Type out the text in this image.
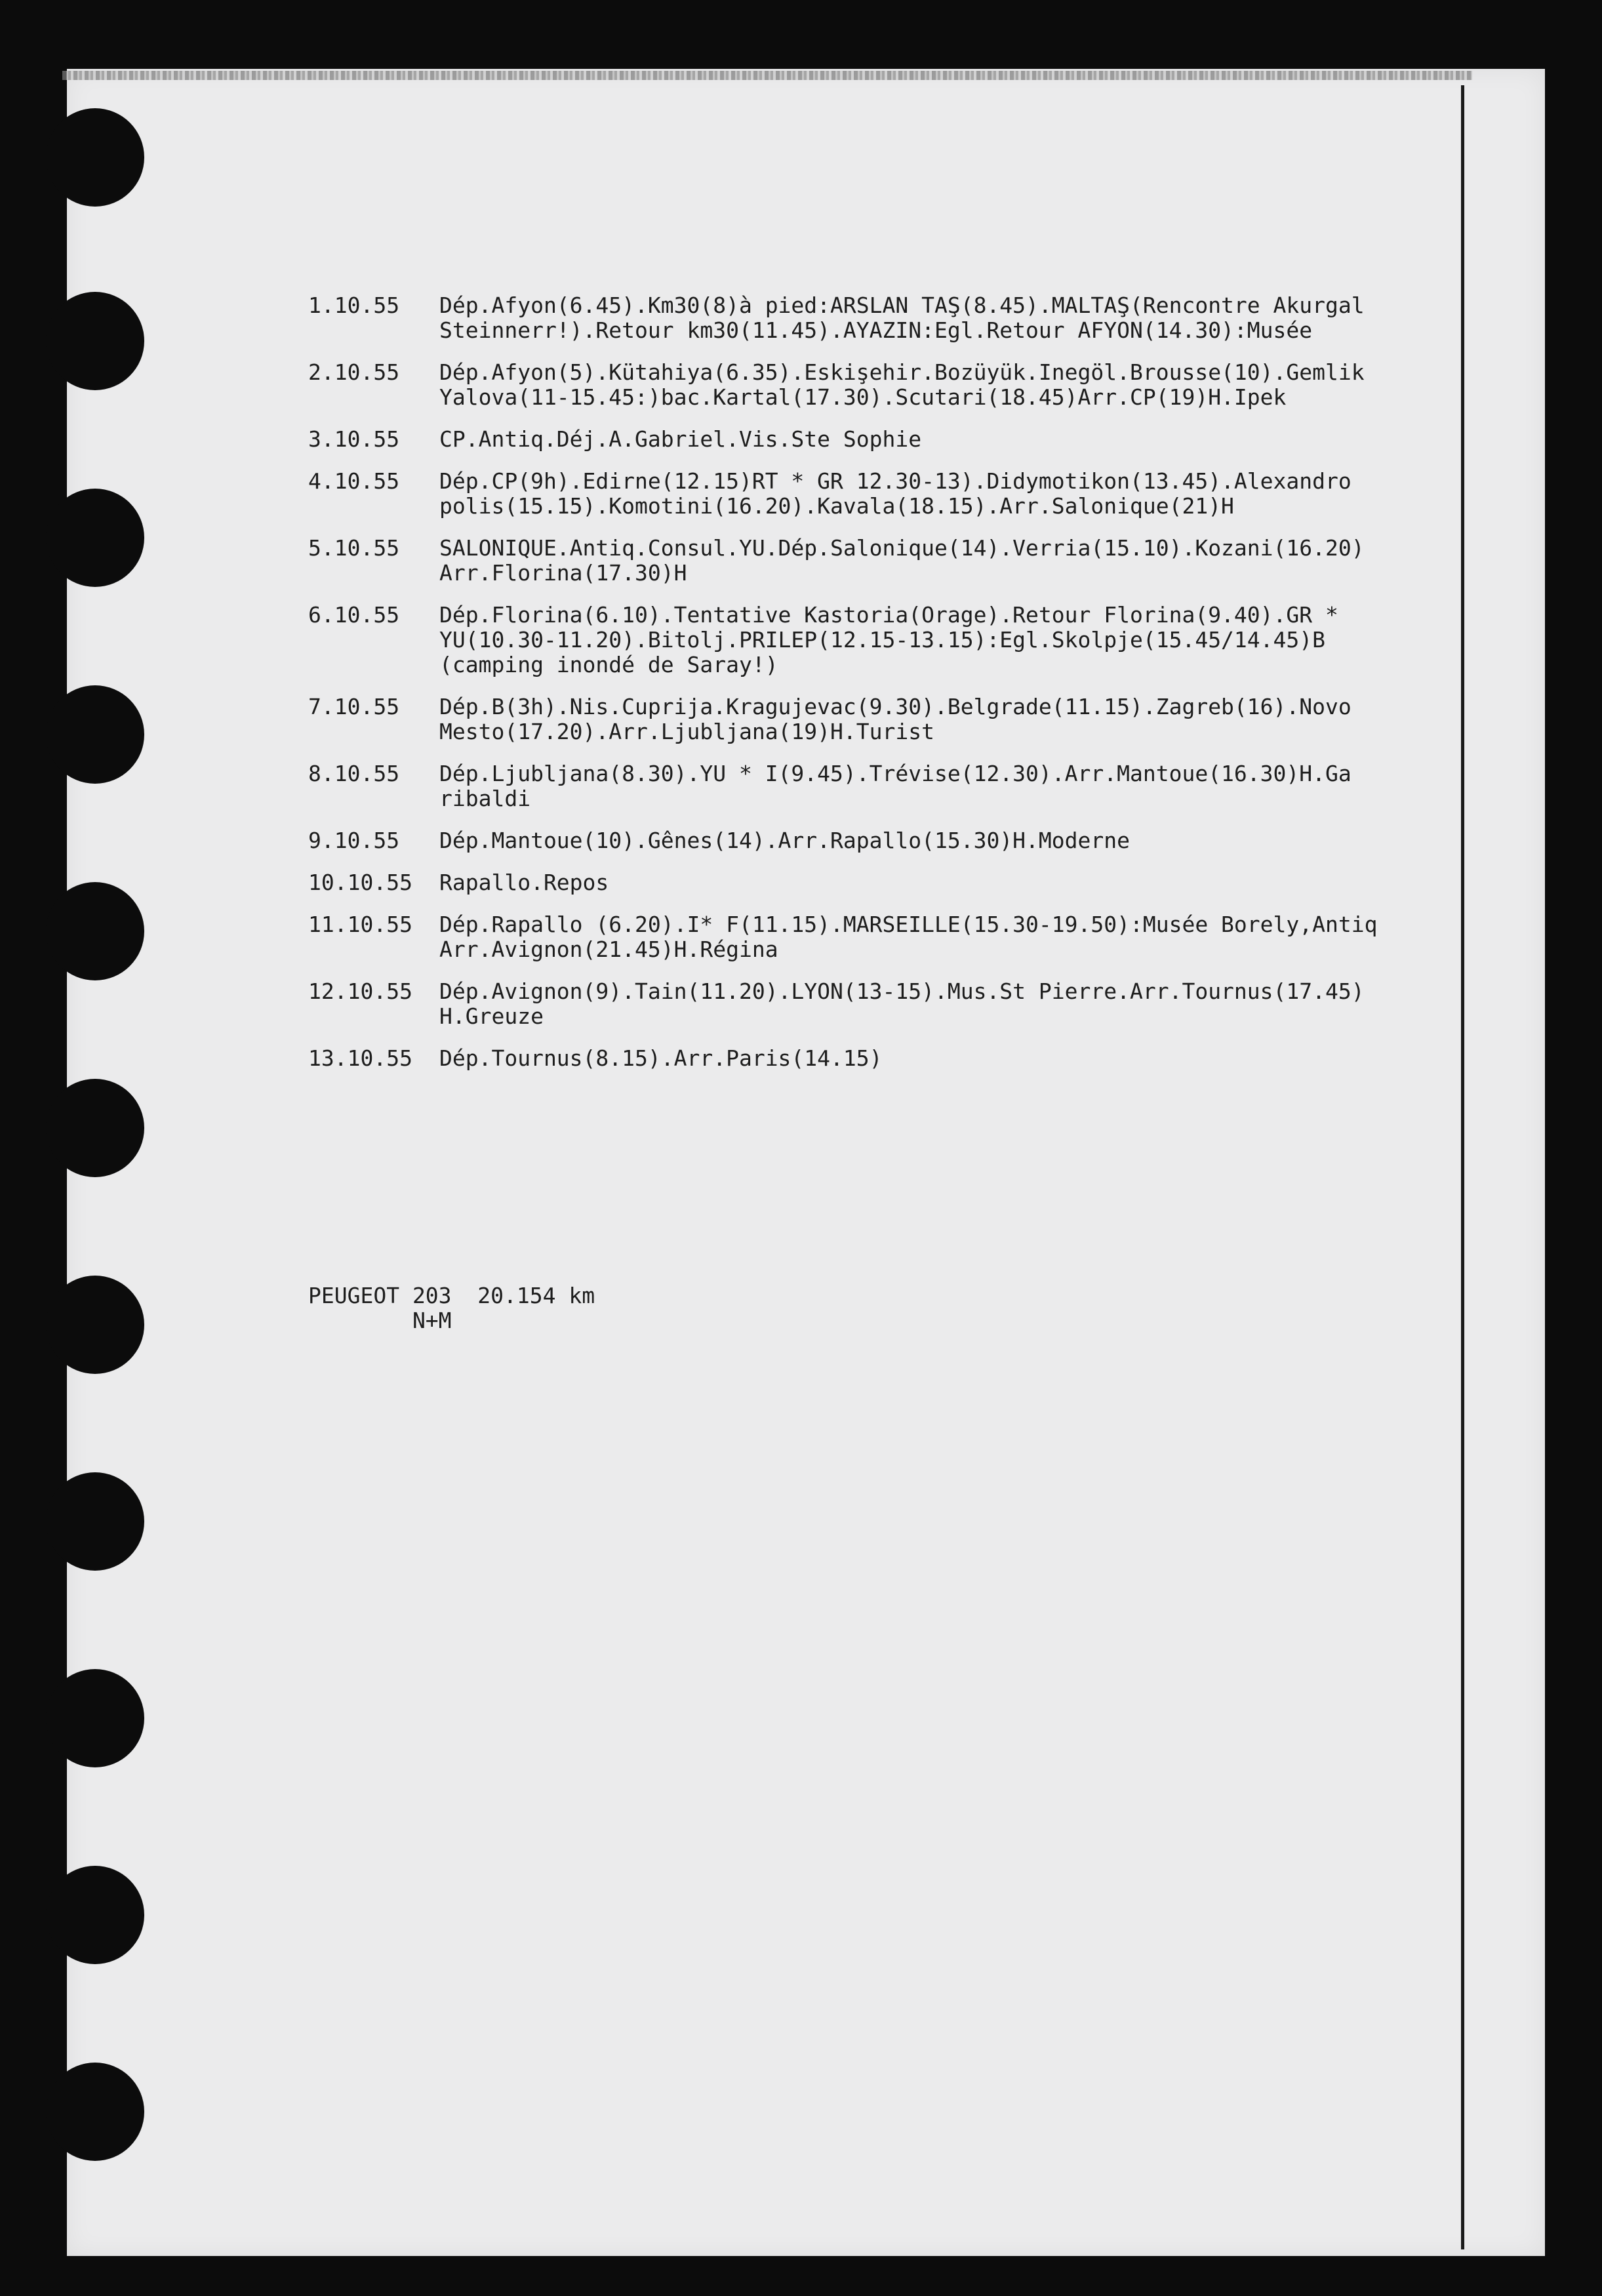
1.10.55	Dép.Afyon(6.45).Km30(8)à pied:ARSLAN TAŞ(8.45).MALTAŞ(Rencontre Akurgal
Steinnerr!).Retour km30(11.45).AYAZIN:Egl.Retour AFYON(14.30):Musée
2.10.55	Dép.Afyon(5).Kütahiya(6.35).Eskişehir.Bozüyük.Inegöl.Brousse(10).Gemlik
Yalova(11-15.45:)bac.Kartal(17.30).Scutari(18.45)Arr.CP(19)H.Ipek
3.10.55	CP.Antiq.Déj.A.Gabriel.Vis.Ste Sophie
4.10.55	Dép.CP(9h).Edirne(12.15)RT * GR 12.30-13).Didymotikon(13.45).Alexandro
polis(15.15).Komotini(16.20).Kavala(18.15).Arr.Salonique(21)H
5.10.55	SALONIQUE.Antiq.Consul.YU.Dép.Salonique(14).Verria(15.10).Kozani(16.20)
Arr.Florina(17.30)H
6.10.55	Dép.Florina(6.10).Tentative Kastoria(Orage).Retour Florina(9.40).GR *
YU(10.30-11.20).Bitolj.PRILEP(12.15-13.15):Egl.Skolpje(15.45/14.45)B
(camping inondé de Saray!)
7.10.55	Dép.B(3h).Nis.Cuprija.Kragujevac(9.30).Belgrade(11.15).Zagreb(16).Novo
Mesto(17.20).Arr.Ljubljana(19)H.Turist
8.10.55	Dép.Ljubljana(8.30).YU * I(9.45).Trévise(12.30).Arr.Mantoue(16.30)H.Ga
ribaldi
9.10.55	Dép.Mantoue(10).Gênes(14).Arr.Rapallo(15.30)H.Moderne
10.10.55	Rapallo.Repos
11.10.55	Dép.Rapallo (6.20).I* F(11.15).MARSEILLE(15.30-19.50):Musée Borely,Antiq
Arr.Avignon(21.45)H.Régina
12.10.55	Dép.Avignon(9).Tain(11.20).LYON(13-15).Mus.St Pierre.Arr.Tournus(17.45)
H.Greuze
13.10.55	Dép.Tournus(8.15).Arr.Paris(14.15)
PEUGEOT 203  20.154 km
N+M
